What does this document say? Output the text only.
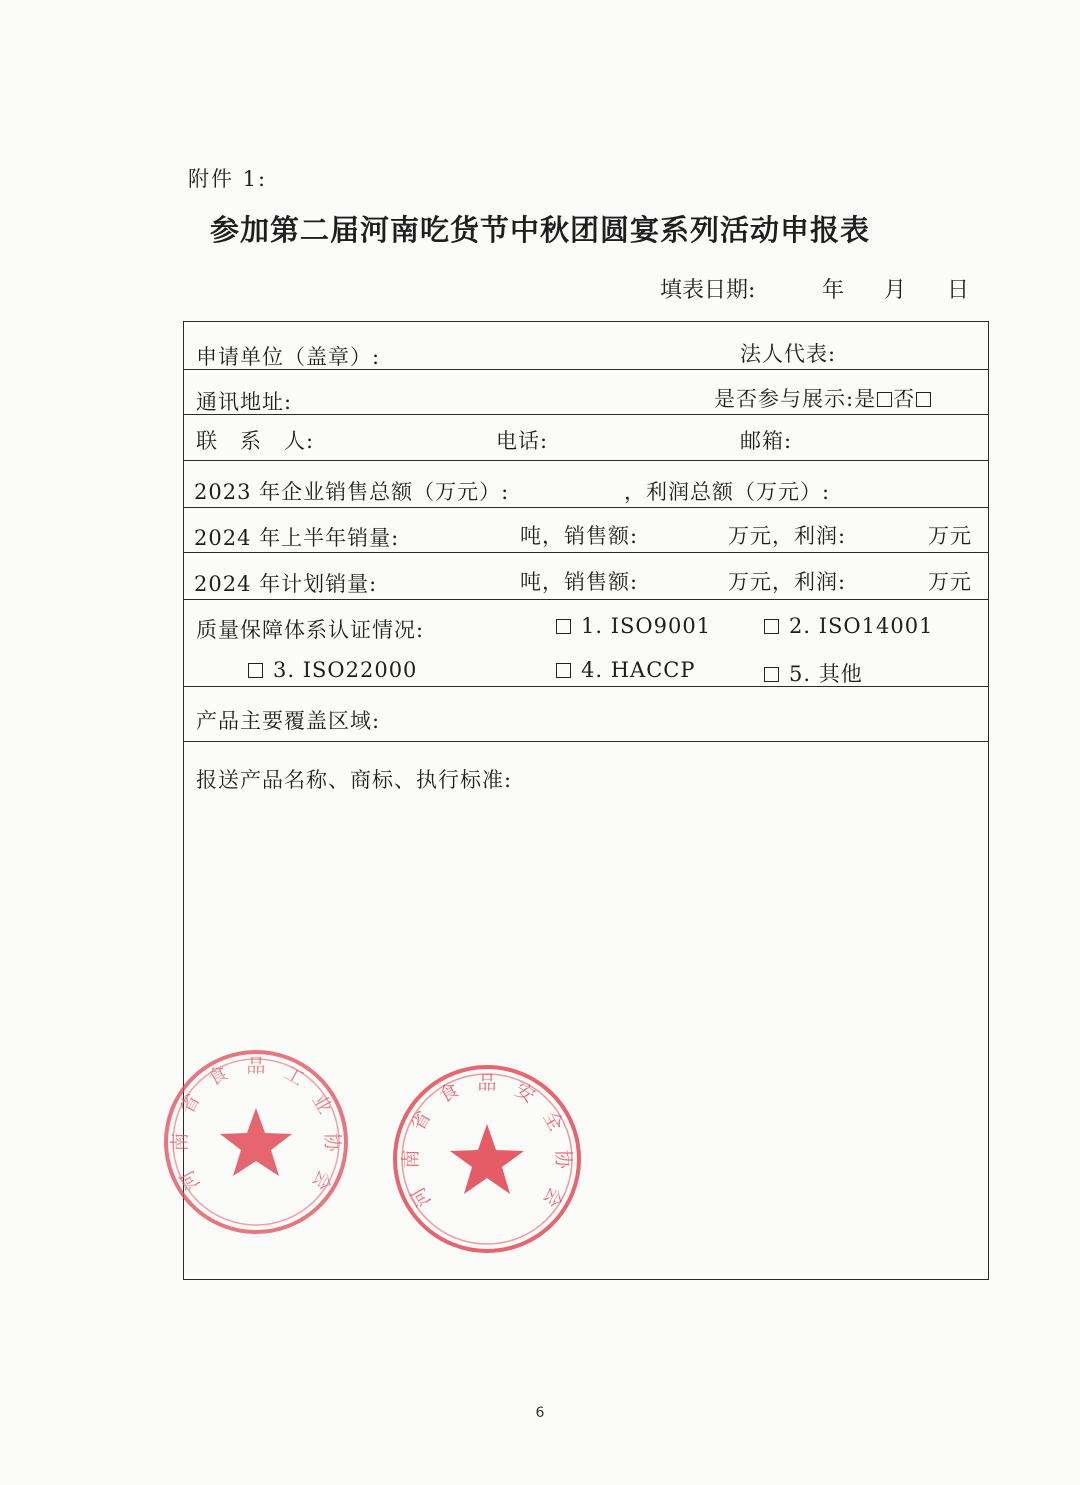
附件 1:
参加第二届河南吃货节中秋团圆宴系列活动申报表
填表日期:	年 月 日
申请单位（盖章）:	法人代表:
通讯地址:	是否参与展示:是 否
联　系　人:	电话:	邮箱:
2023 年企业销售总额（万元）:	，利润总额（万元）:
2024 年上半年销量:	吨，销售额:	万元，利润:	万元
2024 年计划销量:	吨，销售额:	万元，利润:	万元
质量保障体系认证情况:	1. ISO9001	2. ISO14001
3. ISO22000	4. HACCP	5. 其他
产品主要覆盖区域:
报送产品名称、商标、执行标准:
河
南
省
食 品 工
业
协
会
河
南
省
食 品 安
全
协
会
6
